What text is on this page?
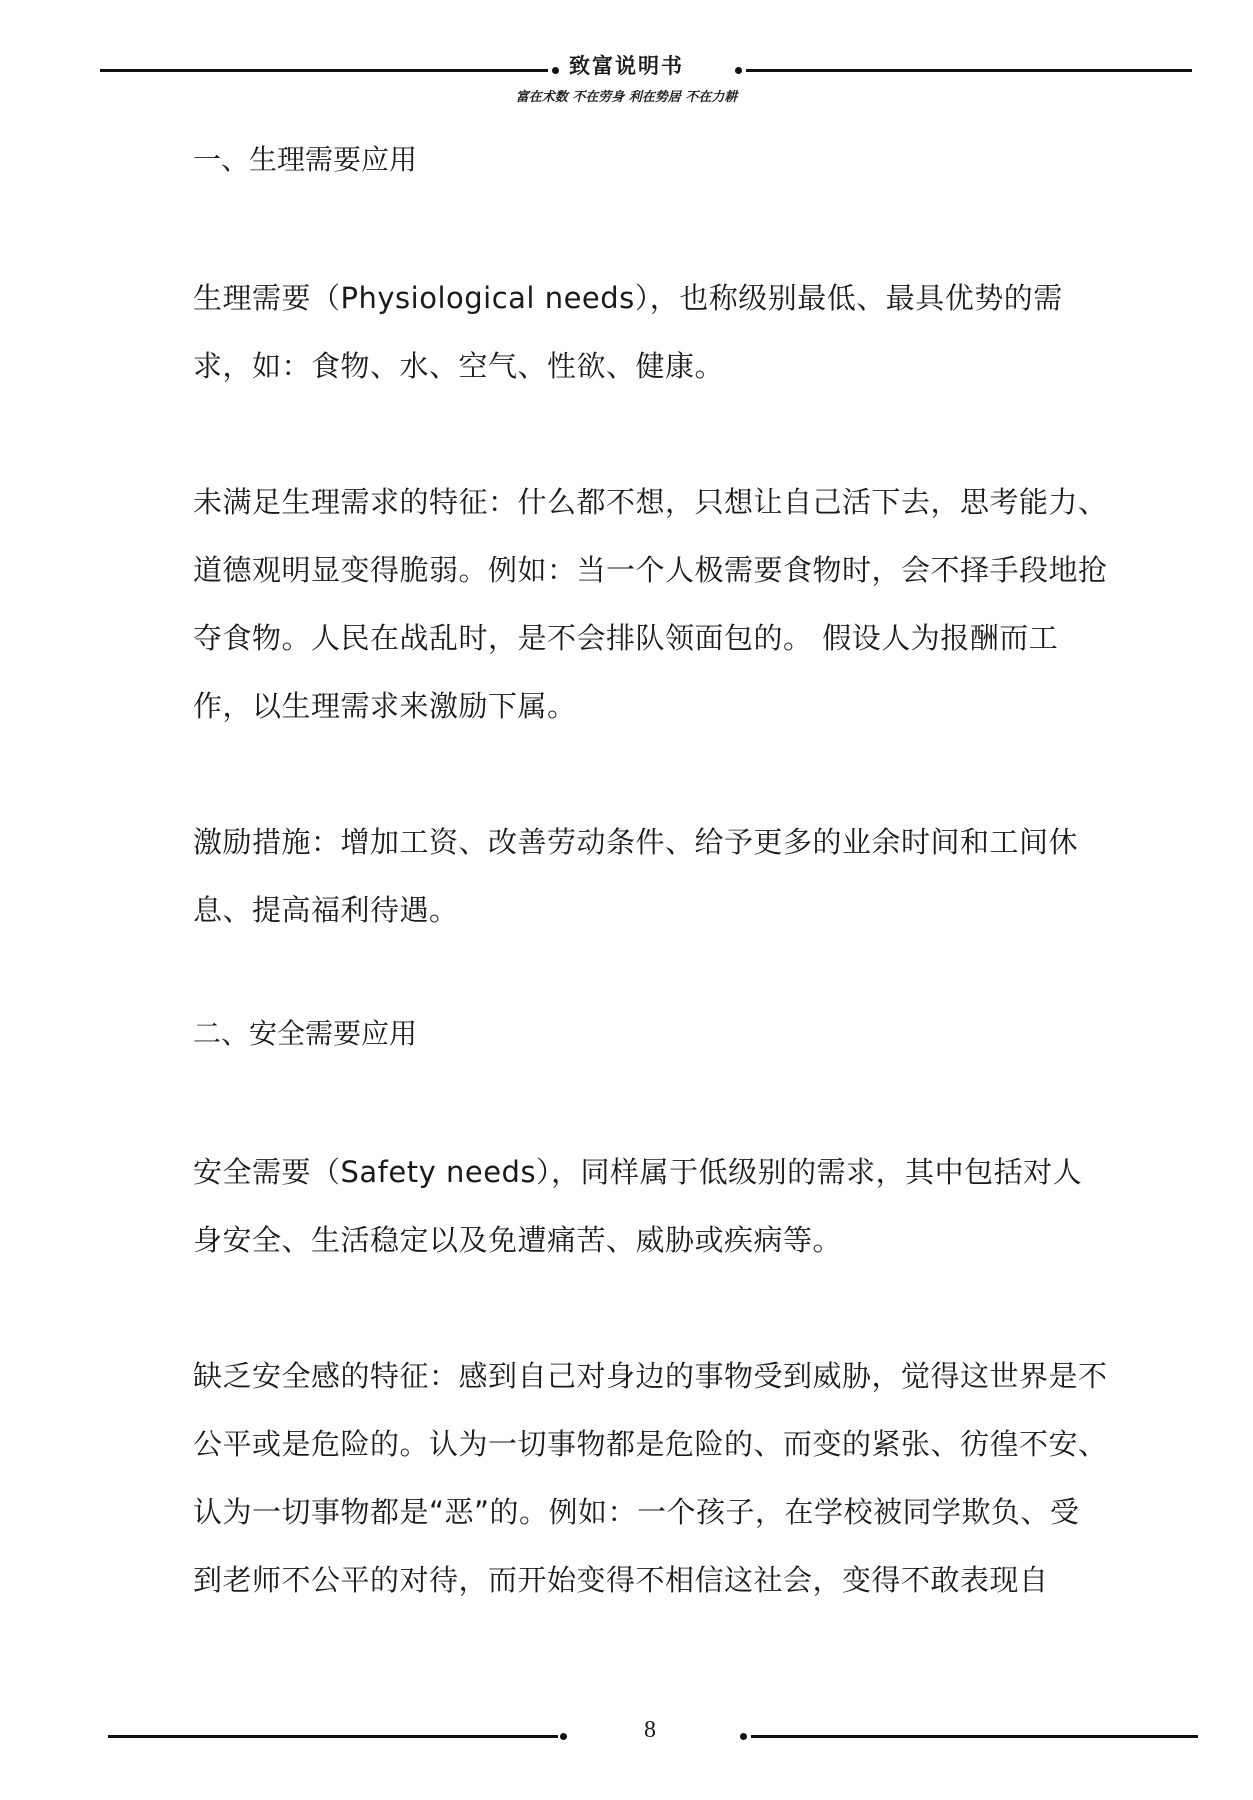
致富说明书
富在术数 不在劳身 利在势居 不在力耕
一、生理需要应用

生理需要（Physiological needs），也称级别最低、最具优势的需求，如：食物、水、空气、性欲、健康。

未满足生理需求的特征：什么都不想，只想让自己活下去，思考能力、道德观明显变得脆弱。例如：当一个人极需要食物时，会不择手段地抢夺食物。人民在战乱时，是不会排队领面包的。 假设人为报酬而工作，以生理需求来激励下属。

激励措施：增加工资、改善劳动条件、给予更多的业余时间和工间休息、提高福利待遇。

二、安全需要应用

安全需要（Safety needs），同样属于低级别的需求，其中包括对人身安全、生活稳定以及免遭痛苦、威胁或疾病等。

缺乏安全感的特征：感到自己对身边的事物受到威胁，觉得这世界是不公平或是危险的。认为一切事物都是危险的、而变的紧张、彷徨不安、认为一切事物都是“恶”的。例如：一个孩子，在学校被同学欺负、受到老师不公平的对待，而开始变得不相信这社会，变得不敢表现自

8
